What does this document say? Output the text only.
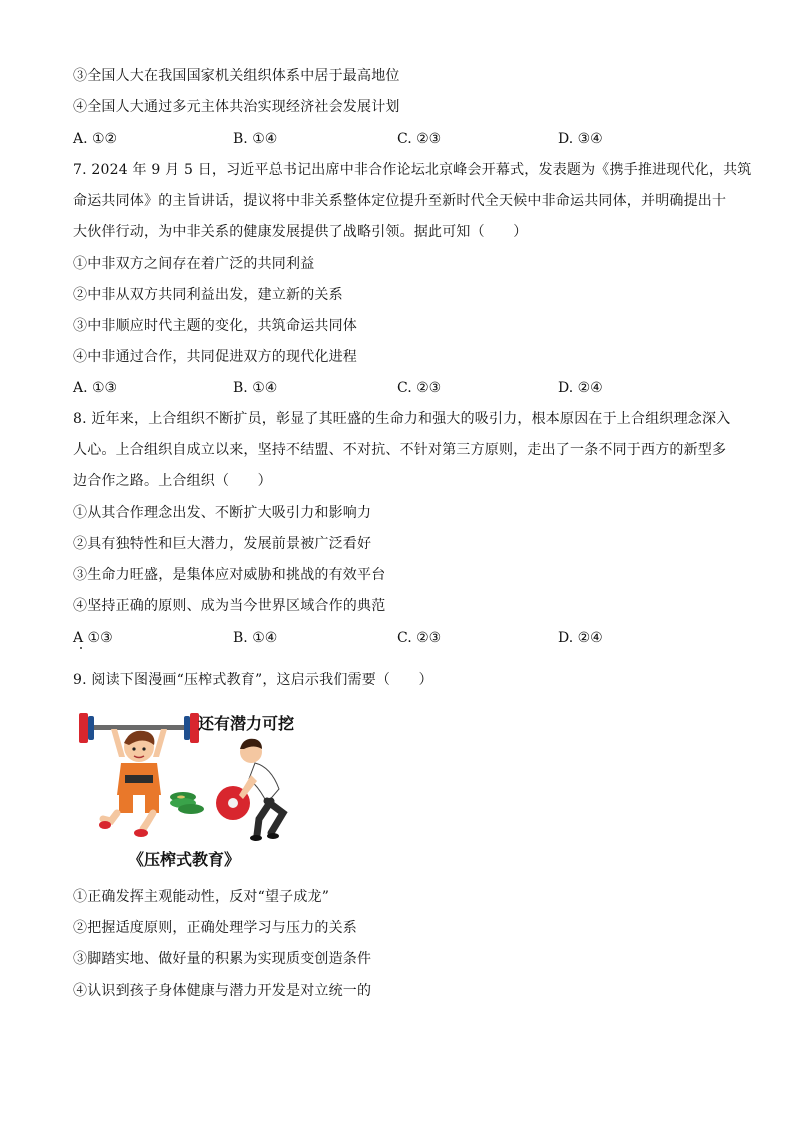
③全国人大在我国国家机关组织体系中居于最高地位
④全国人大通过多元主体共治实现经济社会发展计划
A. ①②	B. ①④	C. ②③	D. ③④
7. 2024 年 9 月 5 日，习近平总书记出席中非合作论坛北京峰会开幕式，发表题为《携手推进现代化，共筑
命运共同体》的主旨讲话，提议将中非关系整体定位提升至新时代全天候中非命运共同体，并明确提出十
大伙伴行动，为中非关系的健康发展提供了战略引领。据此可知（　　）
①中非双方之间存在着广泛的共同利益
②中非从双方共同利益出发，建立新的关系
③中非顺应时代主题的变化，共筑命运共同体
④中非通过合作，共同促进双方的现代化进程
A. ①③	B. ①④	C. ②③	D. ②④
8. 近年来，上合组织不断扩员，彰显了其旺盛的生命力和强大的吸引力，根本原因在于上合组织理念深入
人心。上合组织自成立以来，坚持不结盟、不对抗、不针对第三方原则，走出了一条不同于西方的新型多
边合作之路。上合组织（　　）
①从其合作理念出发、不断扩大吸引力和影响力
②具有独特性和巨大潜力，发展前景被广泛看好
③生命力旺盛，是集体应对威胁和挑战的有效平台
④坚持正确的原则、成为当今世界区域合作的典范
A ①③	B. ①④	C. ②③	D. ②④
9. 阅读下图漫画“压榨式教育”，这启示我们需要（　　）
还有潜力可挖
《压榨式教育》
①正确发挥主观能动性，反对“望子成龙”
②把握适度原则，正确处理学习与压力的关系
③脚踏实地、做好量的积累为实现质变创造条件
④认识到孩子身体健康与潜力开发是对立统一的
